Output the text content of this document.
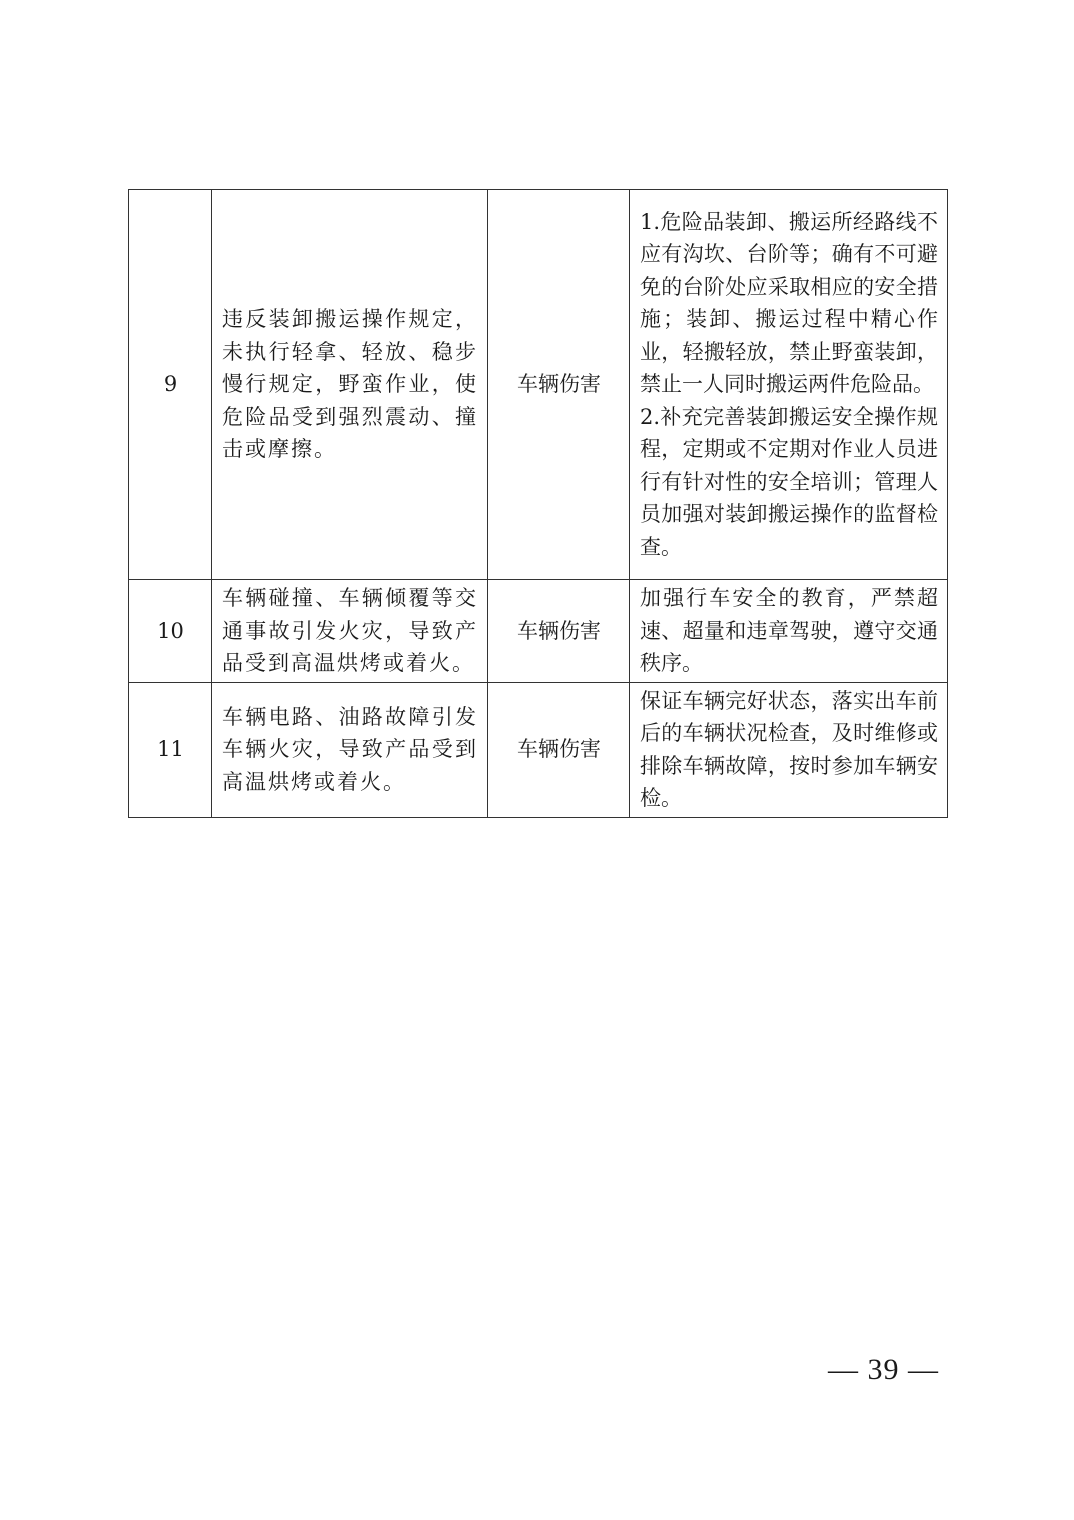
9	违反装卸搬运操作规定，未执行轻拿、轻放、稳步慢行规定，野蛮作业，使危险品受到强烈震动、撞击或摩擦。	车辆伤害	1.危险品装卸、搬运所经路线不应有沟坎、台阶等；确有不可避免的台阶处应采取相应的安全措施；装卸、搬运过程中精心作业，轻搬轻放，禁止野蛮装卸，禁止一人同时搬运两件危险品。
2.补充完善装卸搬运安全操作规程，定期或不定期对作业人员进行有针对性的安全培训；管理人员加强对装卸搬运操作的监督检查。

10	车辆碰撞、车辆倾覆等交通事故引发火灾，导致产品受到高温烘烤或着火。	车辆伤害	加强行车安全的教育，严禁超速、超量和违章驾驶，遵守交通秩序。

11	车辆电路、油路故障引发车辆火灾，导致产品受到高温烘烤或着火。	车辆伤害	保证车辆完好状态，落实出车前后的车辆状况检查，及时维修或排除车辆故障，按时参加车辆安检。
— 39 —
